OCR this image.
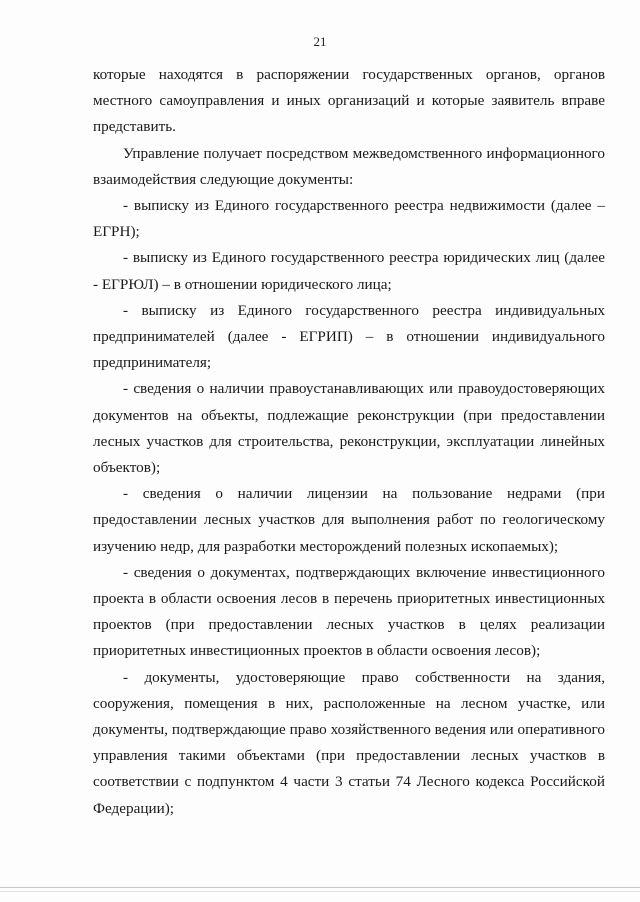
21

которые находятся в распоряжении государственных органов, органов местного самоуправления и иных организаций и которые заявитель вправе представить.

Управление получает посредством межведомственного информационного взаимодействия следующие документы:

- выписку из Единого государственного реестра недвижимости (далее – ЕГРН);

- выписку из Единого государственного реестра юридических лиц (далее - ЕГРЮЛ) – в отношении юридического лица;

- выписку из Единого государственного реестра индивидуальных предпринимателей (далее - ЕГРИП) – в отношении индивидуального предпринимателя;

- сведения о наличии правоустанавливающих или правоудостоверяющих документов на объекты, подлежащие реконструкции (при предоставлении лесных участков для строительства, реконструкции, эксплуатации линейных объектов);

- сведения о наличии лицензии на пользование недрами (при предоставлении лесных участков для выполнения работ по геологическому изучению недр, для разработки месторождений полезных ископаемых);

- сведения о документах, подтверждающих включение инвестиционного проекта в области освоения лесов в перечень приоритетных инвестиционных проектов (при предоставлении лесных участков в целях реализации приоритетных инвестиционных проектов в области освоения лесов);

- документы, удостоверяющие право собственности на здания, сооружения, помещения в них, расположенные на лесном участке, или документы, подтверждающие право хозяйственного ведения или оперативного управления такими объектами (при предоставлении лесных участков в соответствии с подпунктом 4 части 3 статьи 74 Лесного кодекса Российской Федерации);
